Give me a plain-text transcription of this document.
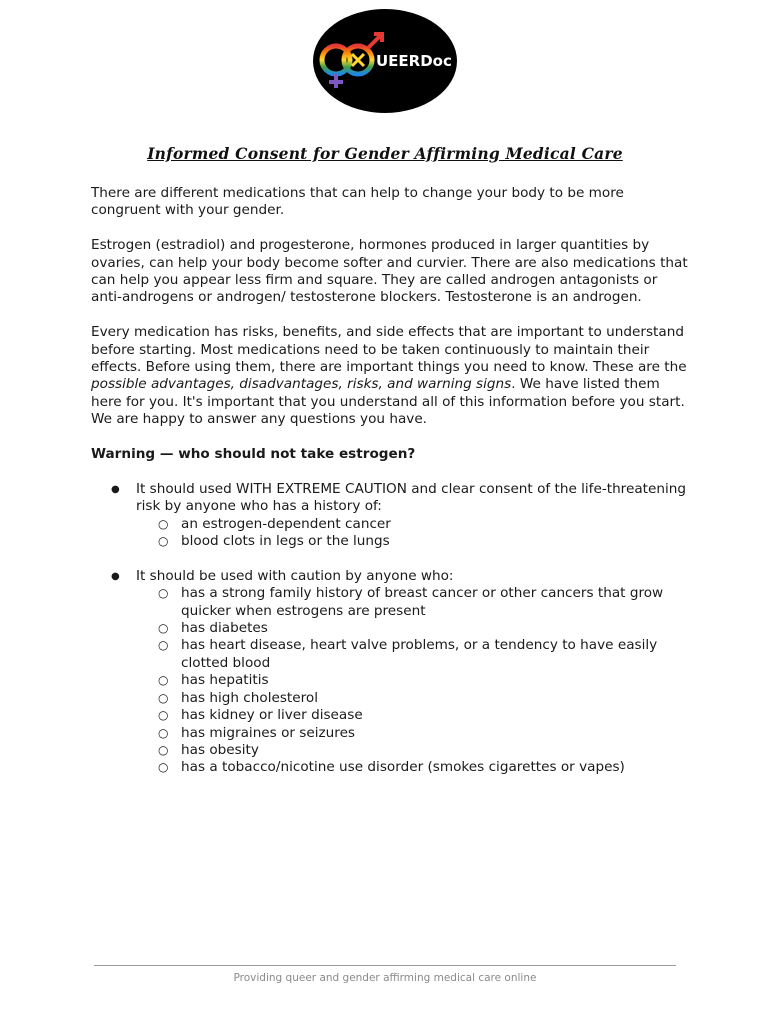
UEERDoc
Informed Consent for Gender Affirming Medical Care

There are different medications that can help to change your body to be more congruent with your gender.

Estrogen (estradiol) and progesterone, hormones produced in larger quantities by ovaries, can help your body become softer and curvier. There are also medications that can help you appear less firm and square. They are called androgen antagonists or anti-androgens or androgen/ testosterone blockers. Testosterone is an androgen.

Every medication has risks, benefits, and side effects that are important to understand before starting. Most medications need to be taken continuously to maintain their effects. Before using them, there are important things you need to know. These are the possible advantages, disadvantages, risks, and warning signs. We have listed them here for you. It's important that you understand all of this information before you start. We are happy to answer any questions you have.

Warning — who should not take estrogen?

● It should used WITH EXTREME CAUTION and clear consent of the life-threatening risk by anyone who has a history of:
○ an estrogen-dependent cancer
○ blood clots in legs or the lungs
● It should be used with caution by anyone who:
○ has a strong family history of breast cancer or other cancers that grow quicker when estrogens are present
○ has diabetes
○ has heart disease, heart valve problems, or a tendency to have easily clotted blood
○ has hepatitis
○ has high cholesterol
○ has kidney or liver disease
○ has migraines or seizures
○ has obesity
○ has a tobacco/nicotine use disorder (smokes cigarettes or vapes)
Providing queer and gender affirming medical care online
